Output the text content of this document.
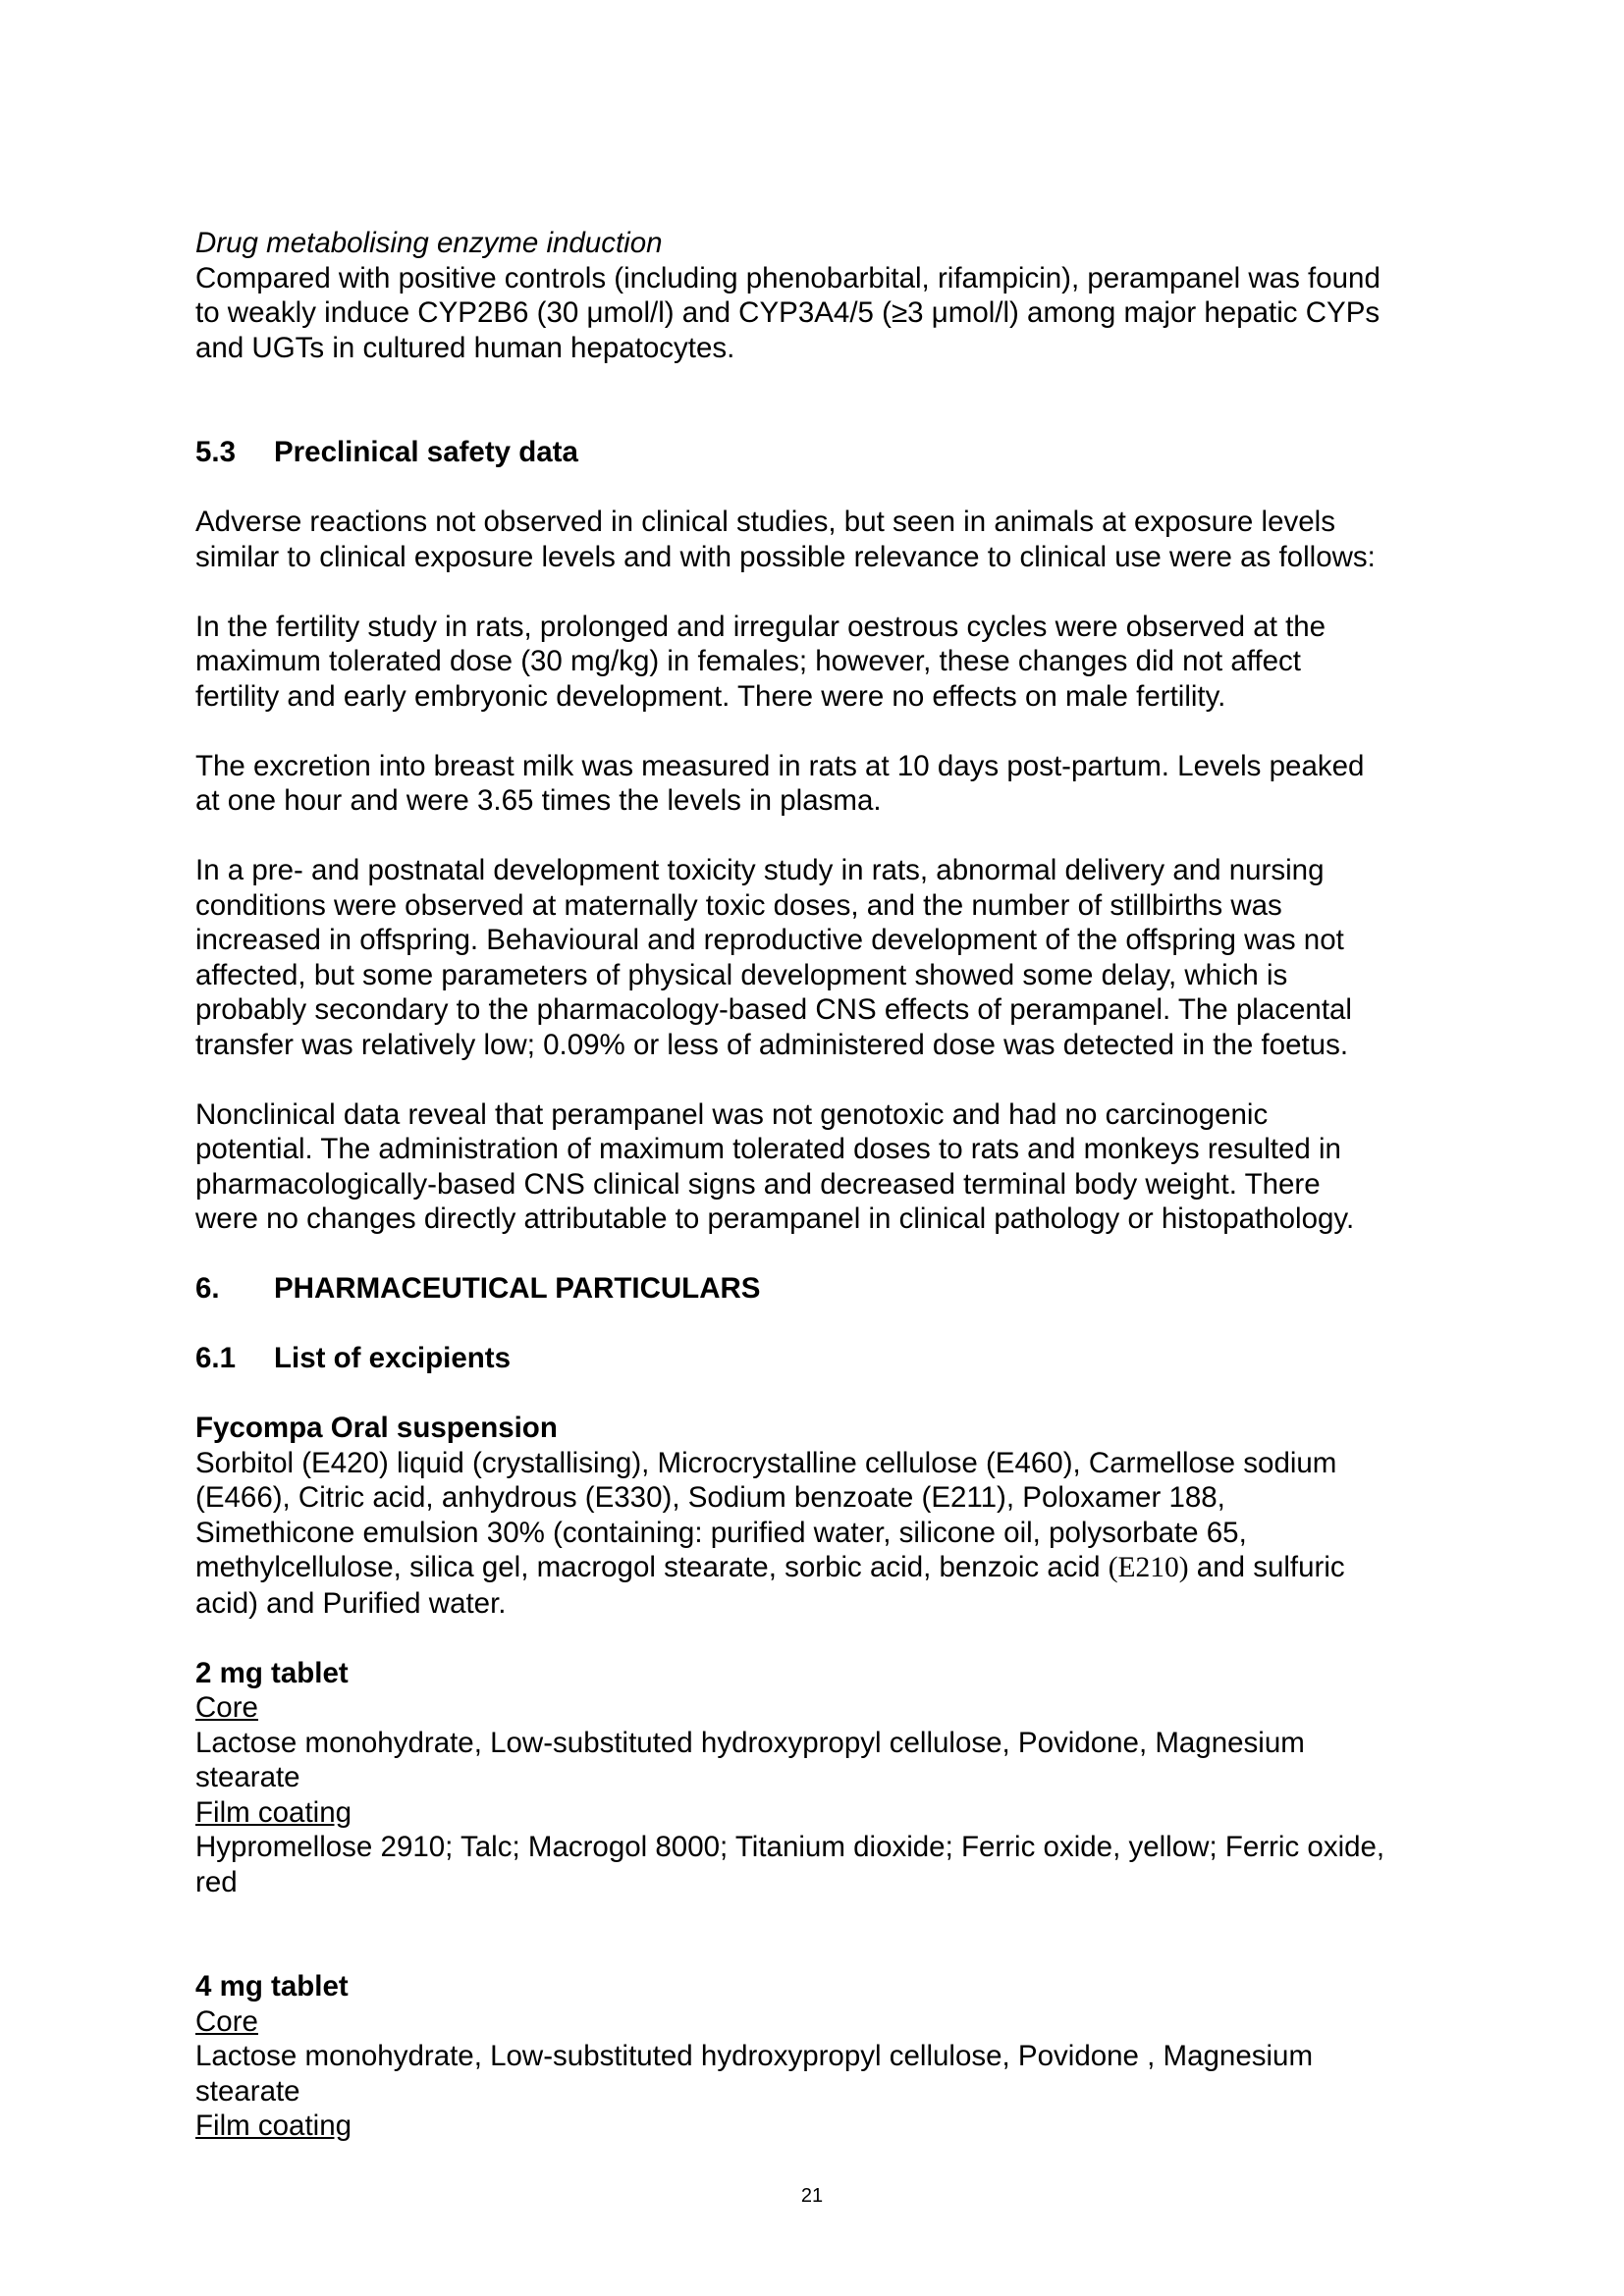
Drug metabolising enzyme induction

Compared with positive controls (including phenobarbital, rifampicin), perampanel was found
to weakly induce CYP2B6 (30 μmol/l) and CYP3A4/5 (≥3 μmol/l) among major hepatic CYPs
and UGTs in cultured human hepatocytes.

5.3 Preclinical safety data

Adverse reactions not observed in clinical studies, but seen in animals at exposure levels
similar to clinical exposure levels and with possible relevance to clinical use were as follows:

In the fertility study in rats, prolonged and irregular oestrous cycles were observed at the
maximum tolerated dose (30 mg/kg) in females; however, these changes did not affect
fertility and early embryonic development. There were no effects on male fertility.

The excretion into breast milk was measured in rats at 10 days post-partum. Levels peaked
at one hour and were 3.65 times the levels in plasma.

In a pre- and postnatal development toxicity study in rats, abnormal delivery and nursing
conditions were observed at maternally toxic doses, and the number of stillbirths was
increased in offspring. Behavioural and reproductive development of the offspring was not
affected, but some parameters of physical development showed some delay, which is
probably secondary to the pharmacology-based CNS effects of perampanel. The placental
transfer was relatively low; 0.09% or less of administered dose was detected in the foetus.

Nonclinical data reveal that perampanel was not genotoxic and had no carcinogenic
potential. The administration of maximum tolerated doses to rats and monkeys resulted in
pharmacologically-based CNS clinical signs and decreased terminal body weight. There
were no changes directly attributable to perampanel in clinical pathology or histopathology.

6. PHARMACEUTICAL PARTICULARS

6.1 List of excipients

Fycompa Oral suspension

Sorbitol (E420) liquid (crystallising), Microcrystalline cellulose (E460), Carmellose sodium
(E466), Citric acid, anhydrous (E330), Sodium benzoate (E211), Poloxamer 188,
Simethicone emulsion 30% (containing: purified water, silicone oil, polysorbate 65,
methylcellulose, silica gel, macrogol stearate, sorbic acid, benzoic acid (E210) and sulfuric
acid) and Purified water.

2 mg tablet

Core

Lactose monohydrate, Low-substituted hydroxypropyl cellulose, Povidone, Magnesium
stearate

Film coating

Hypromellose 2910; Talc; Macrogol 8000; Titanium dioxide; Ferric oxide, yellow; Ferric oxide,
red

4 mg tablet

Core

Lactose monohydrate, Low-substituted hydroxypropyl cellulose, Povidone , Magnesium
stearate

Film coating

21
